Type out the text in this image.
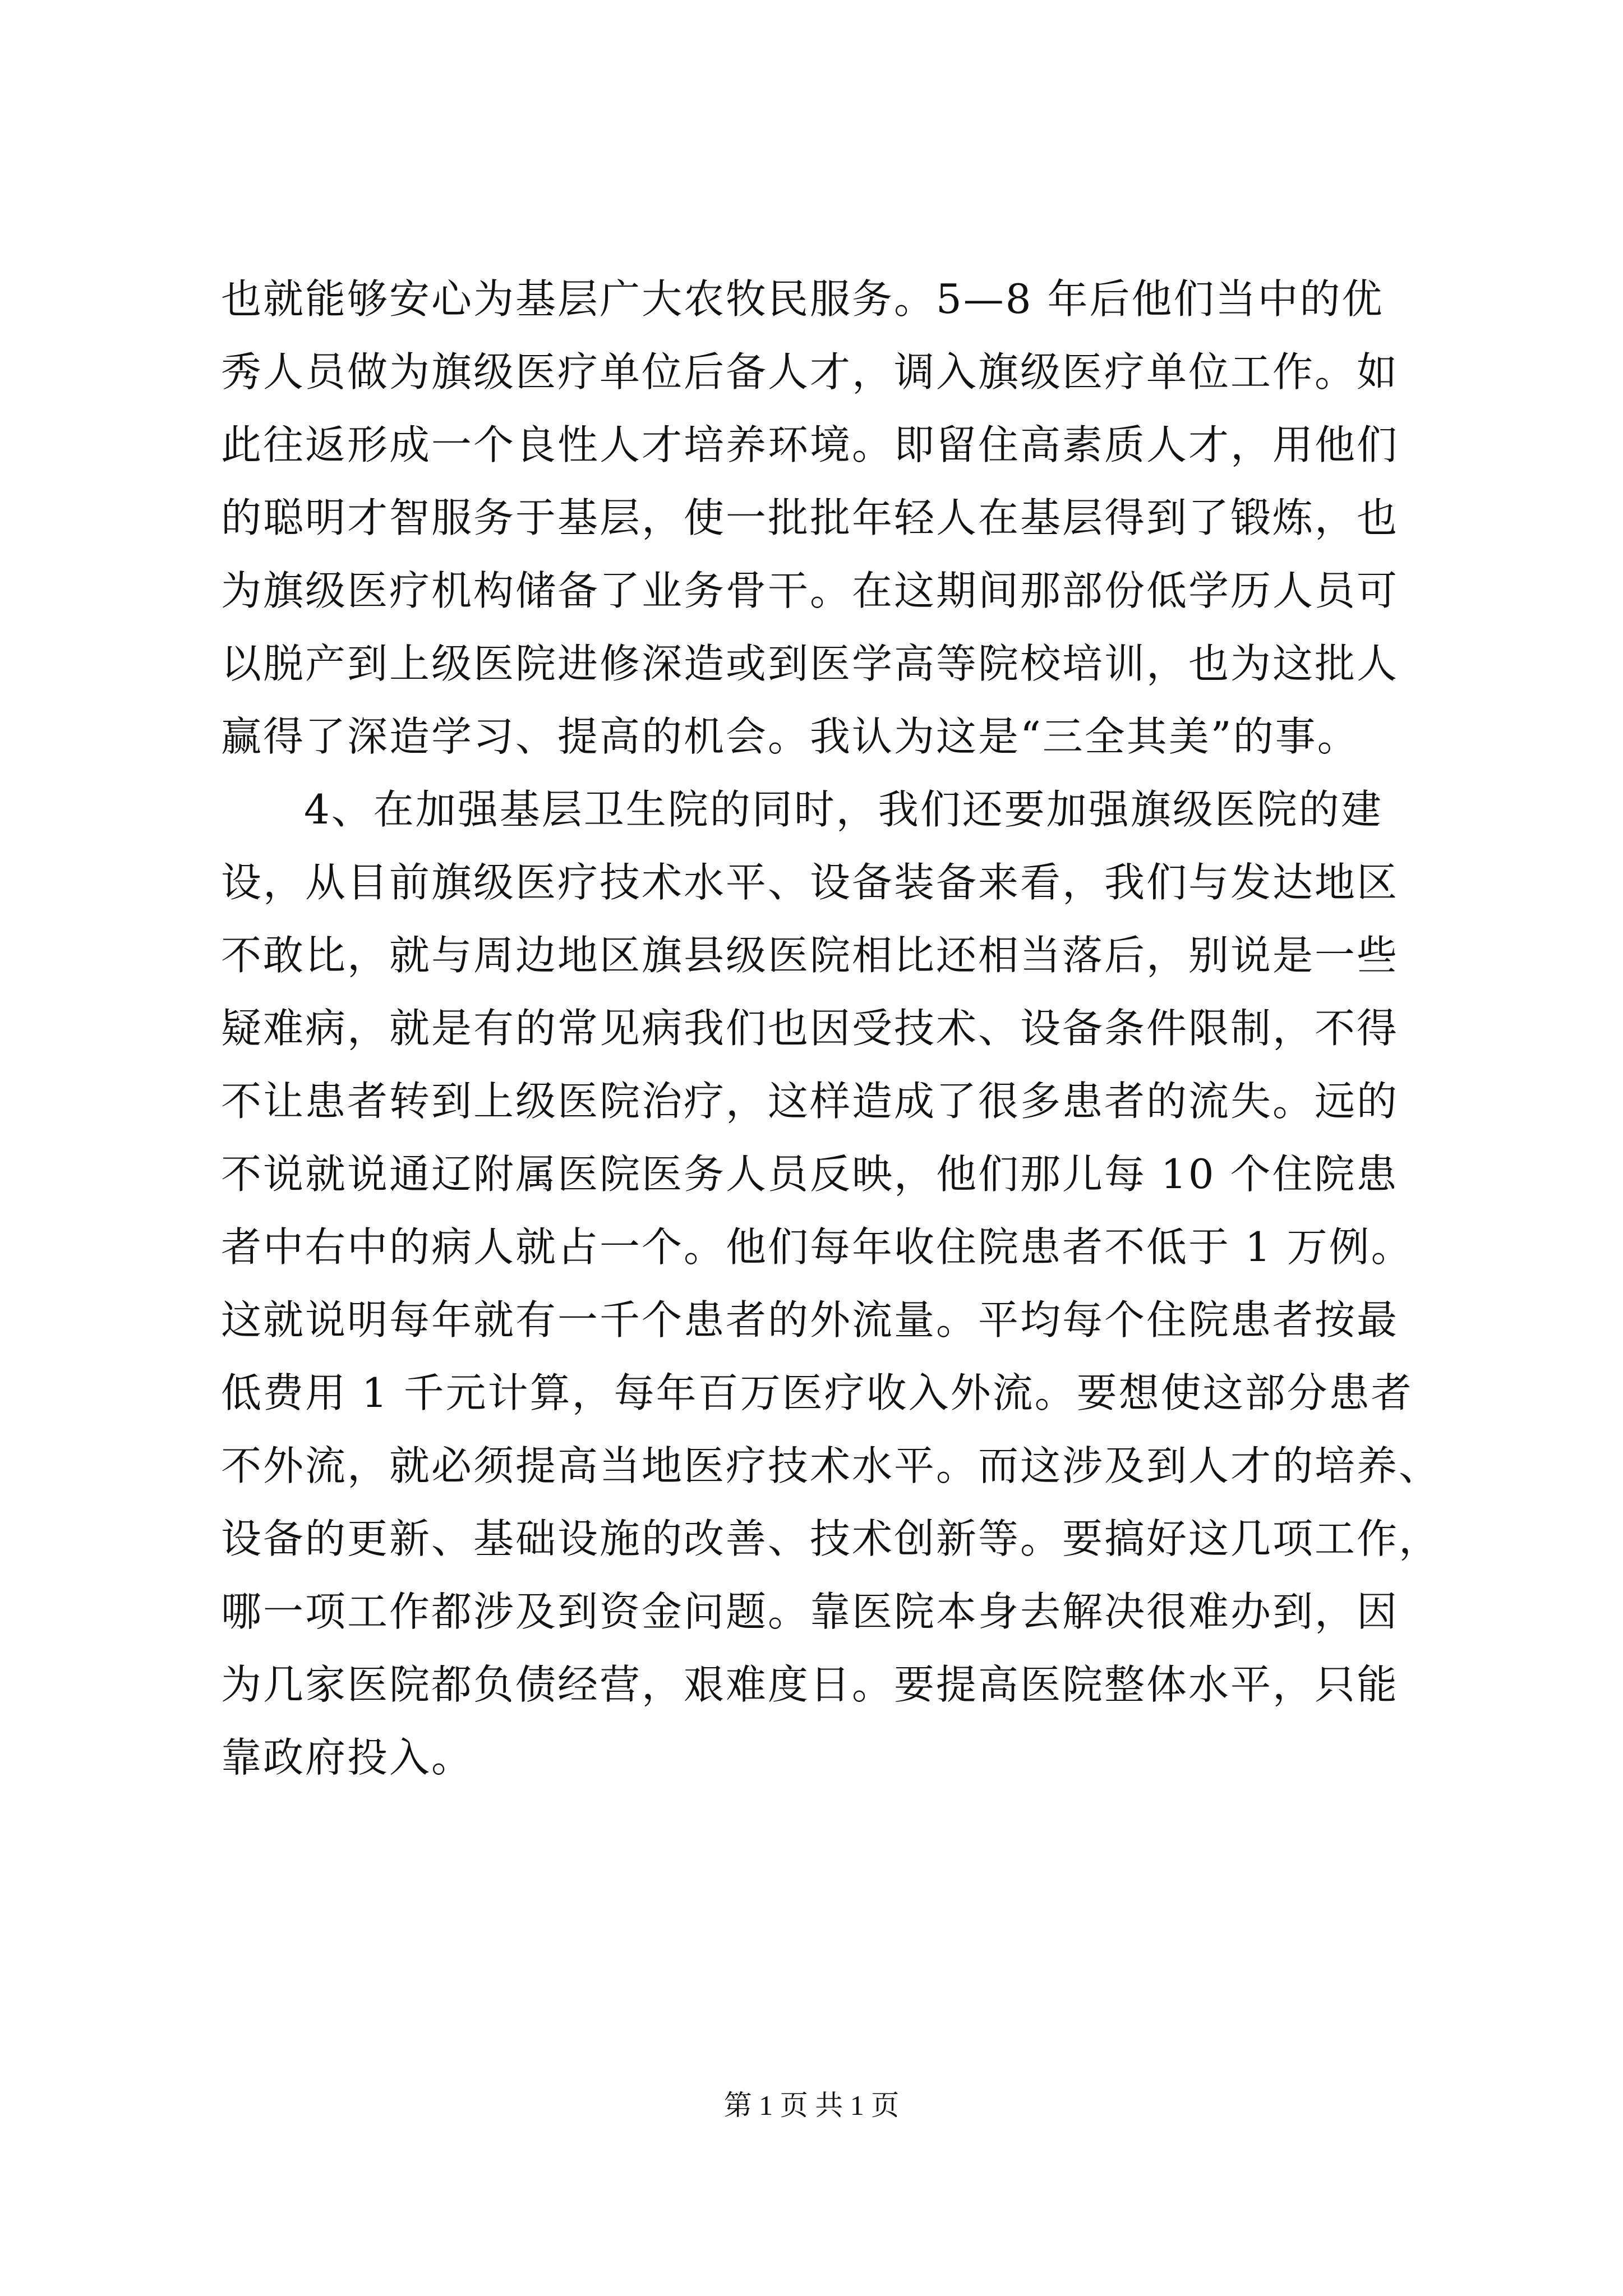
也就能够安心为基层广大农牧民服务。5—8 年后他们当中的优
秀人员做为旗级医疗单位后备人才，调入旗级医疗单位工作。如
此往返形成一个良性人才培养环境。即留住高素质人才，用他们
的聪明才智服务于基层，使一批批年轻人在基层得到了锻炼，也
为旗级医疗机构储备了业务骨干。在这期间那部份低学历人员可
以脱产到上级医院进修深造或到医学高等院校培训，也为这批人
赢得了深造学习、提高的机会。我认为这是“三全其美”的事。
4、在加强基层卫生院的同时，我们还要加强旗级医院的建
设，从目前旗级医疗技术水平、设备装备来看，我们与发达地区
不敢比，就与周边地区旗县级医院相比还相当落后，别说是一些
疑难病，就是有的常见病我们也因受技术、设备条件限制，不得
不让患者转到上级医院治疗，这样造成了很多患者的流失。远的
不说就说通辽附属医院医务人员反映，他们那儿每 10 个住院患
者中右中的病人就占一个。他们每年收住院患者不低于 1 万例。
这就说明每年就有一千个患者的外流量。平均每个住院患者按最
低费用 1 千元计算，每年百万医疗收入外流。要想使这部分患者
不外流，就必须提高当地医疗技术水平。而这涉及到人才的培养、
设备的更新、基础设施的改善、技术创新等。要搞好这几项工作，
哪一项工作都涉及到资金问题。靠医院本身去解决很难办到，因
为几家医院都负债经营，艰难度日。要提高医院整体水平，只能
靠政府投入。
第 1 页 共 1 页
